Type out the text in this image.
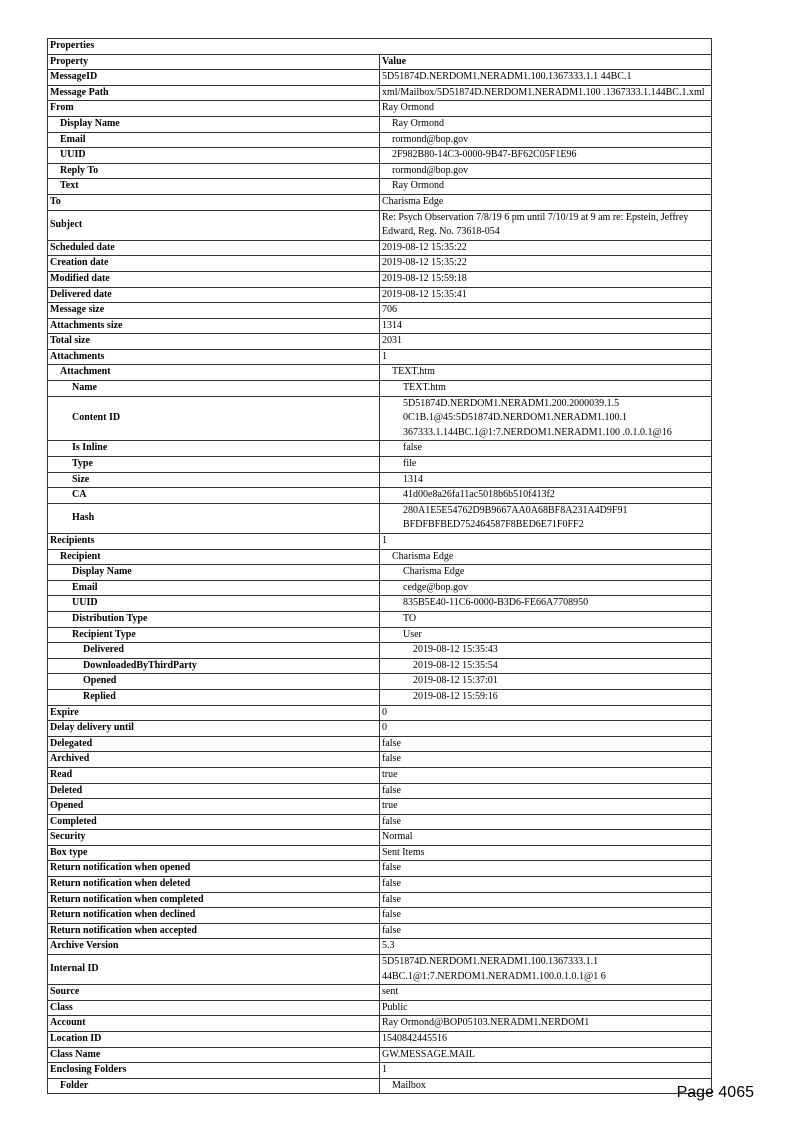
Properties	
Property	Value
MessageID	5D51874D.NERDOM1.NERADM1.100.1367333.1.1 44BC.1
Message Path	xml/Mailbox/5D51874D.NERDOM1.NERADM1.100 .1367333.1.144BC.1.xml
From	Ray Ormond
Display Name	Ray Ormond
Email	rormond@bop.gov
UUID	2F982B80-14C3-0000-9B47-BF62C05F1E96
Reply To	rormond@bop.gov
Text	Ray Ormond
To	Charisma Edge
Subject	Re: Psych Observation 7/8/19 6 pm until 7/10/19 at 9 am re: Epstein, Jeffrey Edward, Reg. No. 73618-054
Scheduled date	2019-08-12 15:35:22
Creation date	2019-08-12 15:35:22
Modified date	2019-08-12 15:59:18
Delivered date	2019-08-12 15:35:41
Message size	706
Attachments size	1314
Total size	2031
Attachments	1
Attachment	TEXT.htm
Name	TEXT.htm
Content ID	5D51874D.NERDOM1.NERADM1.200.2000039.1.5
0C1B.1@45:5D51874D.NERDOM1.NERADM1.100.1
367333.1.144BC.1@1:7.NERDOM1.NERADM1.100 .0.1.0.1@16
Is Inline	false
Type	file
Size	1314
CA	41d00e8a26fa11ac5018b6b510f413f2
Hash	280A1E5E54762D9B9667AA0A68BF8A231A4D9F91 BFDFBFBED752464587F8BED6E71F0FF2
Recipients	1
Recipient	Charisma Edge
Display Name	Charisma Edge
Email	cedge@bop.gov
UUID	835B5E40-11C6-0000-B3D6-FE66A7708950
Distribution Type	TO
Recipient Type	User
Delivered	2019-08-12 15:35:43
DownloadedByThirdParty	2019-08-12 15:35:54
Opened	2019-08-12 15:37:01
Replied	2019-08-12 15:59:16
Expire	0
Delay delivery until	0
Delegated	false
Archived	false
Read	true
Deleted	false
Opened	true
Completed	false
Security	Normal
Box type	Sent Items
Return notification when opened	false
Return notification when deleted	false
Return notification when completed	false
Return notification when declined	false
Return notification when accepted	false
Archive Version	5.3
Internal ID	5D51874D.NERDOM1.NERADM1.100.1367333.1.1 44BC.1@1:7.NERDOM1.NERADM1.100.0.1.0.1@1 6
Source	sent
Class	Public
Account	Ray Ormond@BOP05103.NERADM1.NERDOM1
Location ID	1540842445516
Class Name	GW.MESSAGE.MAIL
Enclosing Folders	1
Folder	Mailbox	Page 4065
